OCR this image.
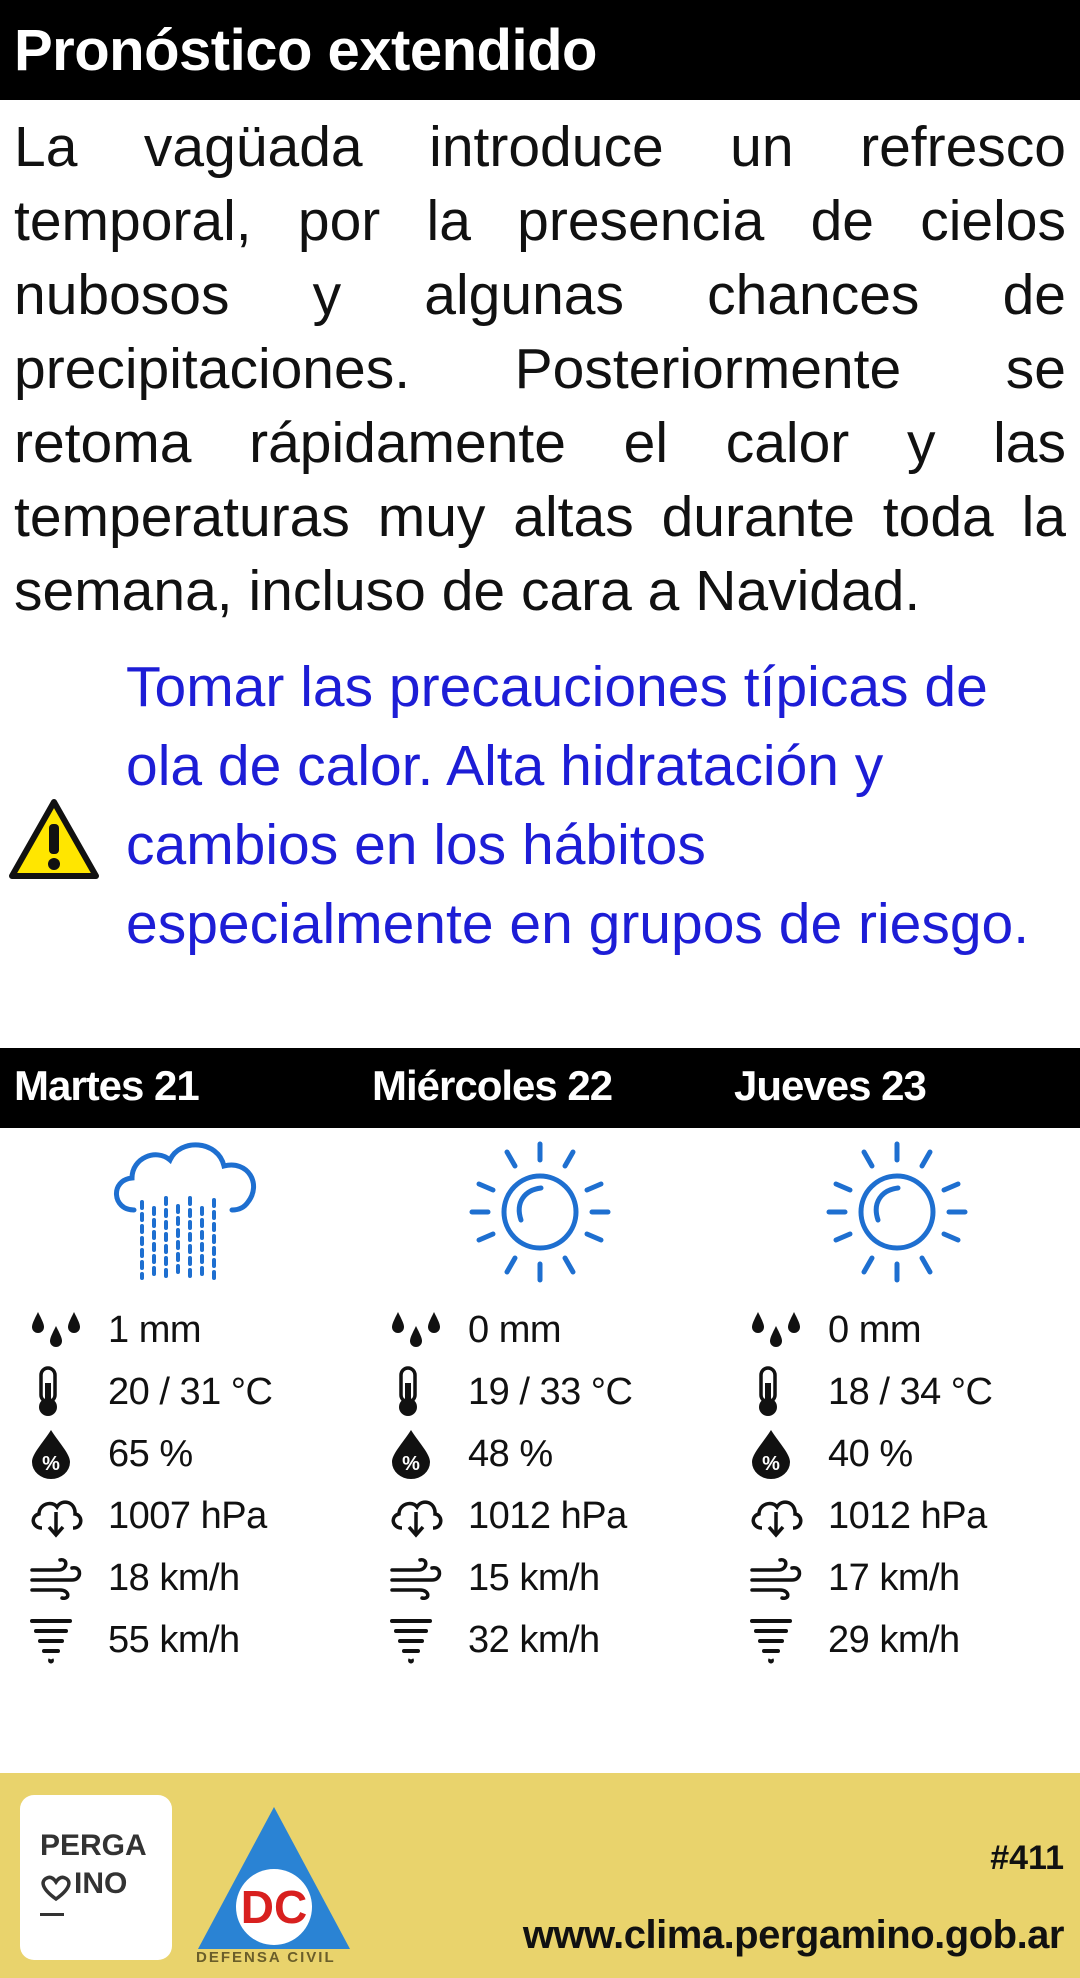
Pronóstico extendido

La vagüada introduce un refresco temporal, por la presencia de cielos nubosos y algunas chances de precipitaciones. Posteriormente se retoma rápidamente el calor y las temperaturas muy altas durante toda la semana, incluso de cara a Navidad.

Tomar las precauciones típicas de ola de calor. Alta hidratación y cambios en los hábitos especialmente en grupos de riesgo.

Martes 21	Miércoles 22	Jueves 23
1 mm
20 / 31 °C
% 65 %
1007 hPa
18 km/h
55 km/h
0 mm
19 / 33 °C
% 48 %
1012 hPa
15 km/h
32 km/h
0 mm
18 / 34 °C
% 40 %
1012 hPa
17 km/h
29 km/h
PERGA
INO DC
DEFENSA CIVIL
#411
www.clima.pergamino.gob.ar
